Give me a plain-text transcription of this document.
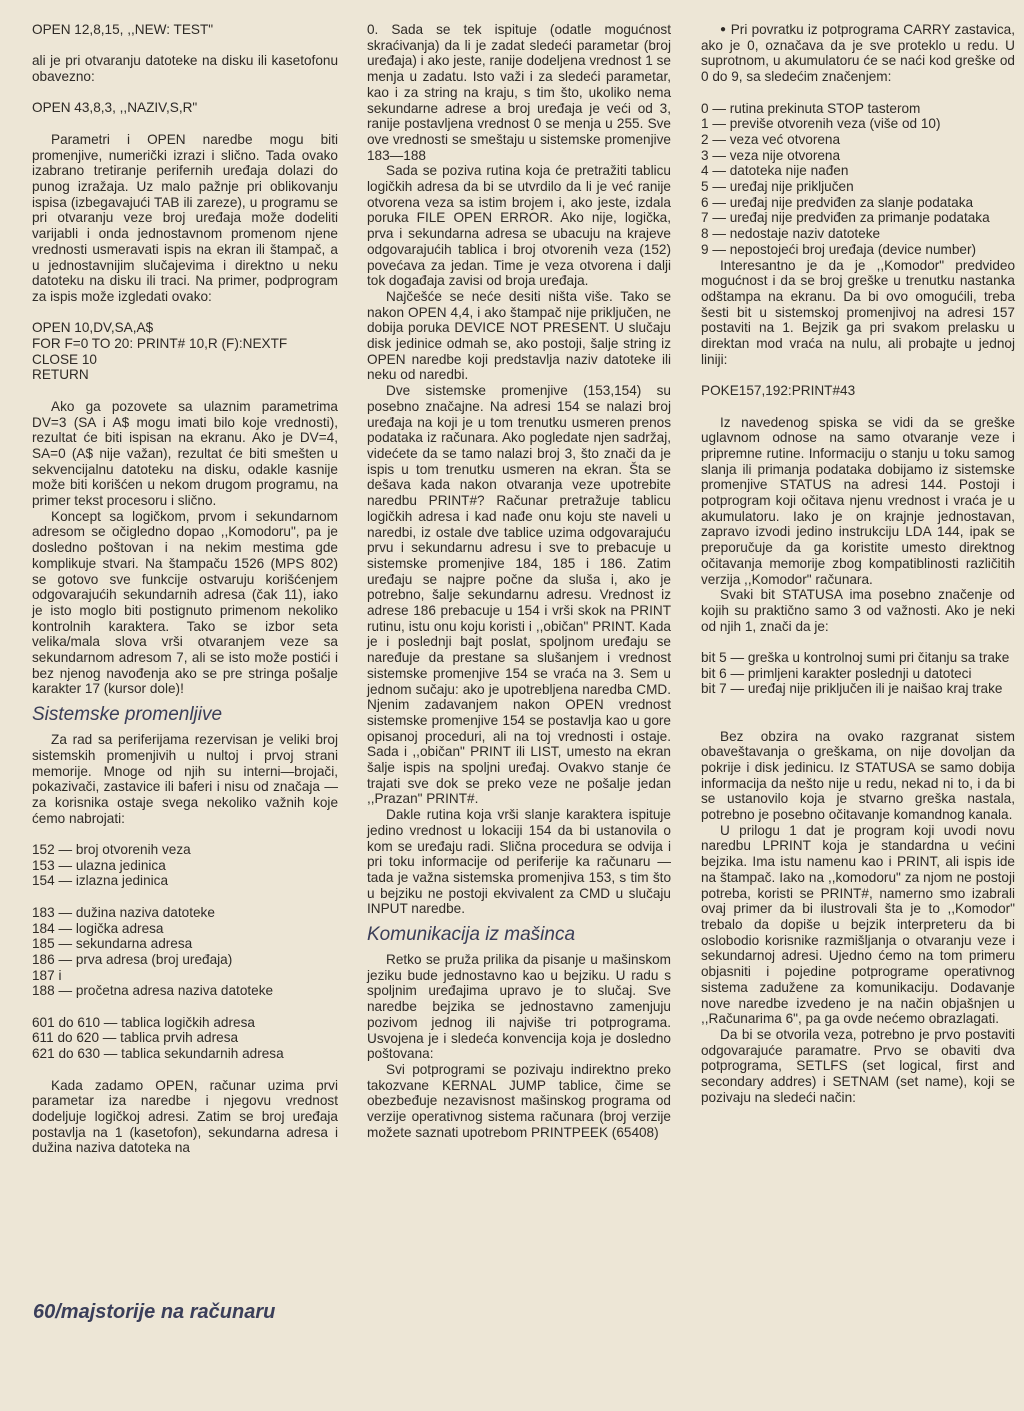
OPEN 12,8,15, ,,NEW: TEST"

ali je pri otvaranju datoteke na disku ili kasetofonu obavezno:

OPEN 43,8,3, ,,NAZIV,S,R"

Parametri i OPEN naredbe mogu biti promenjive, numerički izrazi i slično. Tada ovako izabrano tretiranje perifernih uređaja dolazi do punog izražaja. Uz malo pažnje pri oblikovanju ispisa (izbegavajući TAB ili zareze), u programu se pri otvaranju veze broj uređaja može dodeliti varijabli i onda jednostavnom promenom njene vrednosti usmeravati ispis na ekran ili štampač, a u jednostavnijim slučajevima i direktno u neku datoteku na disku ili traci. Na primer, podprogram za ispis može izgledati ovako:

OPEN 10,DV,SA,A$
FOR F=0 TO 20: PRINT# 10,R (F):NEXTF
CLOSE 10
RETURN

Ako ga pozovete sa ulaznim parametrima DV=3 (SA i A$ mogu imati bilo koje vrednosti), rezultat će biti ispisan na ekranu. Ako je DV=4, SA=0 (A$ nije važan), rezultat će biti smešten u sekvencijalnu datoteku na disku, odakle kasnije može biti korišćen u nekom drugom programu, na primer tekst procesoru i slično.

Koncept sa logičkom, prvom i sekundarnom adresom se očigledno dopao ,,Komodoru", pa je dosledno poštovan i na nekim mestima gde komplikuje stvari. Na štampaču 1526 (MPS 802) se gotovo sve funkcije ostvaruju korišćenjem odgovarajućih sekundarnih adresa (čak 11), iako je isto moglo biti postignuto primenom nekoliko kontrolnih karaktera. Tako se izbor seta velika/mala slova vrši otvaranjem veze sa sekundarnom adresom 7, ali se isto može postići i bez njenog navođenja ako se pre stringa pošalje karakter 17 (kursor dole)!

Sistemske promenljive

Za rad sa periferijama rezervisan je veliki broj sistemskih promenjivih u nultoj i prvoj strani memorije. Mnoge od njih su interni—brojači, pokazivači, zastavice ili baferi i nisu od značaja — za korisnika ostaje svega nekoliko važnih koje ćemo nabrojati:

152 — broj otvorenih veza
153 — ulazna jedinica
154 — izlazna jedinica
183 — dužina naziva datoteke
184 — logička adresa
185 — sekundarna adresa
186 — prva adresa (broj uređaja)
187 i
188 — pročetna adresa naziva datoteke
601 do 610 — tablica logičkih adresa
611 do 620 — tablica prvih adresa
621 do 630 — tablica sekundarnih adresa

Kada zadamo OPEN, računar uzima prvi parametar iza naredbe i njegovu vrednost dodeljuje logičkoj adresi. Zatim se broj uređaja postavlja na 1 (kasetofon), sekundarna adresa i dužina naziva datoteka na

0. Sada se tek ispituje (odatle mogućnost skraćivanja) da li je zadat sledeći parametar (broj uređaja) i ako jeste, ranije dodeljena vrednost 1 se menja u zadatu. Isto važi i za sledeći parametar, kao i za string na kraju, s tim što, ukoliko nema sekundarne adrese a broj uređaja je veći od 3, ranije postavljena vrednost 0 se menja u 255. Sve ove vrednosti se smeštaju u sistemske promenjive 183—188

Sada se poziva rutina koja će pretražiti tablicu logičkih adresa da bi se utvrdilo da li je već ranije otvorena veza sa istim brojem i, ako jeste, izdala poruka FILE OPEN ERROR. Ako nije, logička, prva i sekundarna adresa se ubacuju na krajeve odgovarajućih tablica i broj otvorenih veza (152) povećava za jedan. Time je veza otvorena i dalji tok događaja zavisi od broja uređaja.

Najčešće se neće desiti ništa više. Tako se nakon OPEN 4,4, i ako štampač nije priključen, ne dobija poruka DEVICE NOT PRESENT. U slučaju disk jedinice odmah se, ako postoji, šalje string iz OPEN naredbe koji predstavlja naziv datoteke ili neku od naredbi.

Dve sistemske promenjive (153,154) su posebno značajne. Na adresi 154 se nalazi broj uređaja na koji je u tom trenutku usmeren prenos podataka iz računara. Ako pogledate njen sadržaj, videćete da se tamo nalazi broj 3, što znači da je ispis u tom trenutku usmeren na ekran. Šta se dešava kada nakon otvaranja veze upotrebite naredbu PRINT#? Računar pretražuje tablicu logičkih adresa i kad nađe onu koju ste naveli u naredbi, iz ostale dve tablice uzima odgovarajuću prvu i sekundarnu adresu i sve to prebacuje u sistemske promenjive 184, 185 i 186. Zatim uređaju se najpre počne da sluša i, ako je potrebno, šalje sekundarnu adresu. Vrednost iz adrese 186 prebacuje u 154 i vrši skok na PRINT rutinu, istu onu koju koristi i ,,običan" PRINT. Kada je i poslednji bajt poslat, spoljnom uređaju se naređuje da prestane sa slušanjem i vrednost sistemske promenjive 154 se vraća na 3. Sem u jednom sučaju: ako je upotrebljena naredba CMD. Njenim zadavanjem nakon OPEN vrednost sistemske promenjive 154 se postavlja kao u gore opisanoj proceduri, ali na toj vrednosti i ostaje. Sada i ,,običan" PRINT ili LIST, umesto na ekran šalje ispis na spoljni uređaj. Ovakvo stanje će trajati sve dok se preko veze ne pošalje jedan ,,Prazan" PRINT#.

Dakle rutina koja vrši slanje karaktera ispituje jedino vrednost u lokaciji 154 da bi ustanovila o kom se uređaju radi. Slična procedura se odvija i pri toku informacije od periferije ka računaru — tada je važna sistemska promenjiva 153, s tim što u bejziku ne postoji ekvivalent za CMD u slučaju INPUT naredbe.

Komunikacija iz mašinca

Retko se pruža prilika da pisanje u mašinskom jeziku bude jednostavno kao u bejziku. U radu s spoljnim uređajima upravo je to slučaj. Sve naredbe bejzika se jednostavno zamenjuju pozivom jednog ili najviše tri potprograma. Usvojena je i sledeća konvencija koja je dosledno poštovana:

Svi potprogrami se pozivaju indirektno preko takozvane KERNAL JUMP tablice, čime se obezbeđuje nezavisnost mašinskog programa od verzije operativnog sistema računara (broj verzije možete saznati upotrebom PRINTPEEK (65408)

● Pri povratku iz potprograma CARRY zastavica, ako je 0, označava da je sve proteklo u redu. U suprotnom, u akumulatoru će se naći kod greške od 0 do 9, sa sledećim značenjem:

0 — rutina prekinuta STOP tasterom
1 — previše otvorenih veza (više od 10)
2 — veza već otvorena
3 — veza nije otvorena
4 — datoteka nije nađen
5 — uređaj nije priključen
6 — uređaj nije predviđen za slanje podataka
7 — uređaj nije predviđen za primanje podataka
8 — nedostaje naziv datoteke
9 — nepostojeći broj uređaja (device number)

Interesantno je da je ,,Komodor" predvideo mogućnost i da se broj greške u trenutku nastanka odštampa na ekranu. Da bi ovo omogućili, treba šesti bit u sistemskoj promenjivoj na adresi 157 postaviti na 1. Bejzik ga pri svakom prelasku u direktan mod vraća na nulu, ali probajte u jednoj liniji:

POKE157,192:PRINT#43

Iz navedenog spiska se vidi da se greške uglavnom odnose na samo otvaranje veze i pripremne rutine. Informaciju o stanju u toku samog slanja ili primanja podataka dobijamo iz sistemske promenjive STATUS na adresi 144. Postoji i potprogram koji očitava njenu vrednost i vraća je u akumulatoru. Iako je on krajnje jednostavan, zapravo izvodi jedino instrukciju LDA 144, ipak se preporučuje da ga koristite umesto direktnog očitavanja memorije zbog kompatiblinosti različitih verzija ,,Komodor" računara.

Svaki bit STATUSA ima posebno značenje od kojih su praktično samo 3 od važnosti. Ako je neki od njih 1, znači da je:

bit 5 — greška u kontrolnoj sumi pri čitanju sa trake
bit 6 — primljeni karakter poslednji u datoteci
bit 7 — uređaj nije priključen ili je naišao kraj trake

Bez obzira na ovako razgranat sistem obaveštavanja o greškama, on nije dovoljan da pokrije i disk jedinicu. Iz STATUSA se samo dobija informacija da nešto nije u redu, nekad ni to, i da bi se ustanovilo koja je stvarno greška nastala, potrebno je posebno očitavanje komandnog kanala.

U prilogu 1 dat je program koji uvodi novu naredbu LPRINT koja je standardna u većini bejzika. Ima istu namenu kao i PRINT, ali ispis ide na štampač. Iako na ,,komodoru" za njom ne postoji potreba, koristi se PRINT#, namerno smo izabrali ovaj primer da bi ilustrovali šta je to ,,Komodor" trebalo da dopiše u bejzik interpreteru da bi oslobodio korisnike razmišljanja o otvaranju veze i sekundarnoj adresi. Ujedno ćemo na tom primeru objasniti i pojedine potprograme operativnog sistema zadužene za komunikaciju. Dodavanje nove naredbe izvedeno je na način objašnjen u ,,Računarima 6", pa ga ovde nećemo obrazlagati.

Da bi se otvorila veza, potrebno je prvo postaviti odgovarajuće paramatre. Prvo se obaviti dva potprograma, SETLFS (set logical, first and secondary addres) i SETNAM (set name), koji se pozivaju na sledeći način:

60/majstorije na računaru
